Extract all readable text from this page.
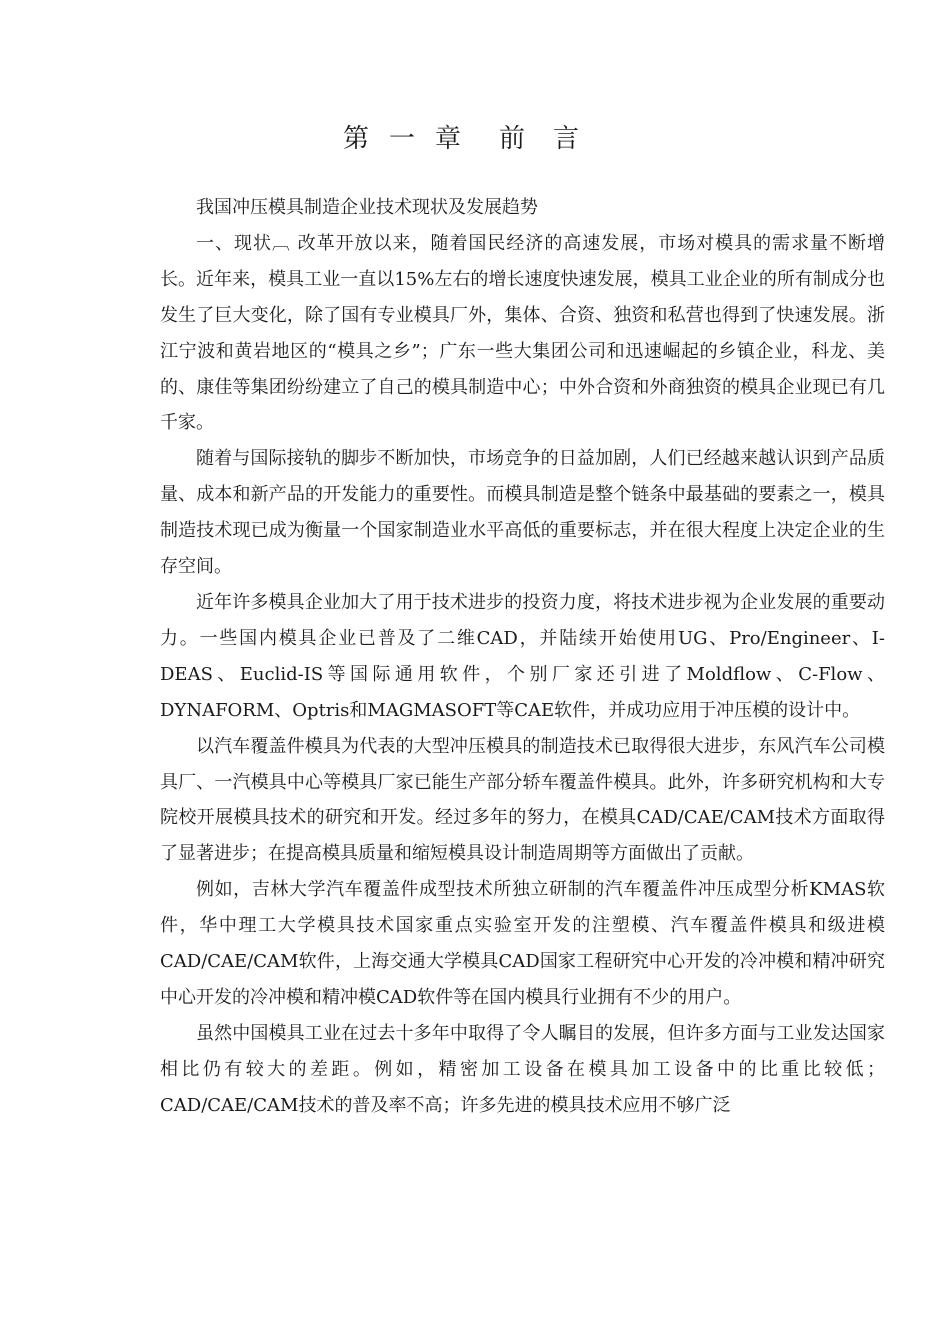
第一章 前言

我国冲压模具制造企业技术现状及发展趋势

一、现状︹ 改革开放以来，随着国民经济的高速发展，市场对模具的需求量不断增长。近年来，模具工业一直以15%左右的增长速度快速发展，模具工业企业的所有制成分也发生了巨大变化，除了国有专业模具厂外，集体、合资、独资和私营也得到了快速发展。浙江宁波和黄岩地区的“模具之乡”；广东一些大集团公司和迅速崛起的乡镇企业，科龙、美的、康佳等集团纷纷建立了自己的模具制造中心；中外合资和外商独资的模具企业现已有几千家。

随着与国际接轨的脚步不断加快，市场竞争的日益加剧，人们已经越来越认识到产品质量、成本和新产品的开发能力的重要性。而模具制造是整个链条中最基础的要素之一，模具制造技术现已成为衡量一个国家制造业水平高低的重要标志，并在很大程度上决定企业的生存空间。

近年许多模具企业加大了用于技术进步的投资力度，将技术进步视为企业发展的重要动力。一些国内模具企业已普及了二维CAD，并陆续开始使用UG、Pro/Engineer、I-DEAS、Euclid-IS等国际通用软件，个别厂家还引进了Moldflow、C-Flow、DYNAFORM、Optris和MAGMASOFT等CAE软件，并成功应用于冲压模的设计中。

以汽车覆盖件模具为代表的大型冲压模具的制造技术已取得很大进步，东风汽车公司模具厂、一汽模具中心等模具厂家已能生产部分轿车覆盖件模具。此外，许多研究机构和大专院校开展模具技术的研究和开发。经过多年的努力，在模具CAD/CAE/CAM技术方面取得了显著进步；在提高模具质量和缩短模具设计制造周期等方面做出了贡献。

例如，吉林大学汽车覆盖件成型技术所独立研制的汽车覆盖件冲压成型分析KMAS软件，华中理工大学模具技术国家重点实验室开发的注塑模、汽车覆盖件模具和级进模CAD/CAE/CAM软件，上海交通大学模具CAD国家工程研究中心开发的冷冲模和精冲研究中心开发的冷冲模和精冲模CAD软件等在国内模具行业拥有不少的用户。

虽然中国模具工业在过去十多年中取得了令人瞩目的发展，但许多方面与工业发达国家相比仍有较大的差距。例如，精密加工设备在模具加工设备中的比重比较低；CAD/CAE/CAM技术的普及率不高；许多先进的模具技术应用不够广泛
